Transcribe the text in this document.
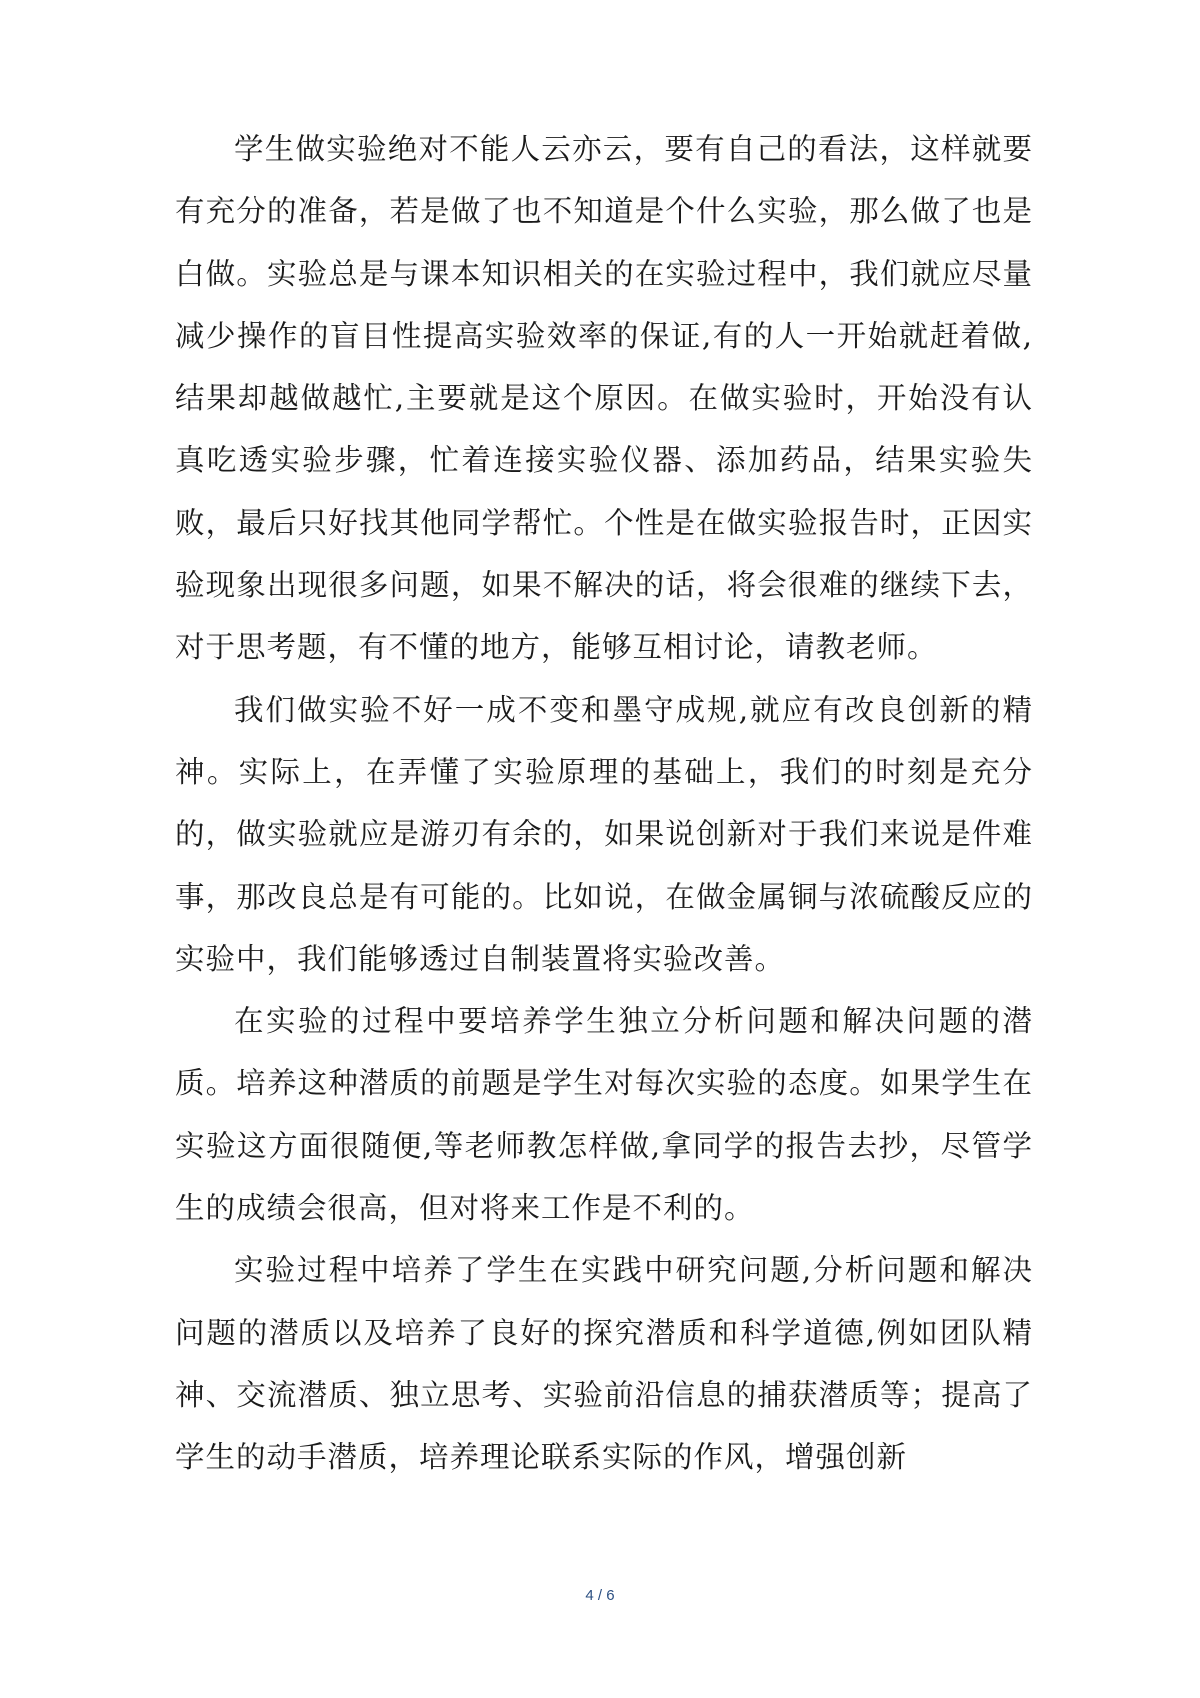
学生做实验绝对不能人云亦云，要有自己的看法，这样就要有充分的准备，若是做了也不知道是个什么实验，那么做了也是白做。实验总是与课本知识相关的在实验过程中，我们就应尽量减少操作的盲目性提高实验效率的保证,有的人一开始就赶着做,结果却越做越忙,主要就是这个原因。在做实验时，开始没有认真吃透实验步骤，忙着连接实验仪器、添加药品，结果实验失败，最后只好找其他同学帮忙。个性是在做实验报告时，正因实验现象出现很多问题，如果不解决的话，将会很难的继续下去，对于思考题，有不懂的地方，能够互相讨论，请教老师。

我们做实验不好一成不变和墨守成规,就应有改良创新的精神。实际上，在弄懂了实验原理的基础上，我们的时刻是充分的，做实验就应是游刃有余的，如果说创新对于我们来说是件难事，那改良总是有可能的。比如说，在做金属铜与浓硫酸反应的实验中，我们能够透过自制装置将实验改善。

在实验的过程中要培养学生独立分析问题和解决问题的潜质。培养这种潜质的前题是学生对每次实验的态度。如果学生在实验这方面很随便,等老师教怎样做,拿同学的报告去抄，尽管学生的成绩会很高，但对将来工作是不利的。

实验过程中培养了学生在实践中研究问题,分析问题和解决问题的潜质以及培养了良好的探究潜质和科学道德,例如团队精神、交流潜质、独立思考、实验前沿信息的捕获潜质等；提高了学生的动手潜质，培养理论联系实际的作风，增强创新

4 / 6
